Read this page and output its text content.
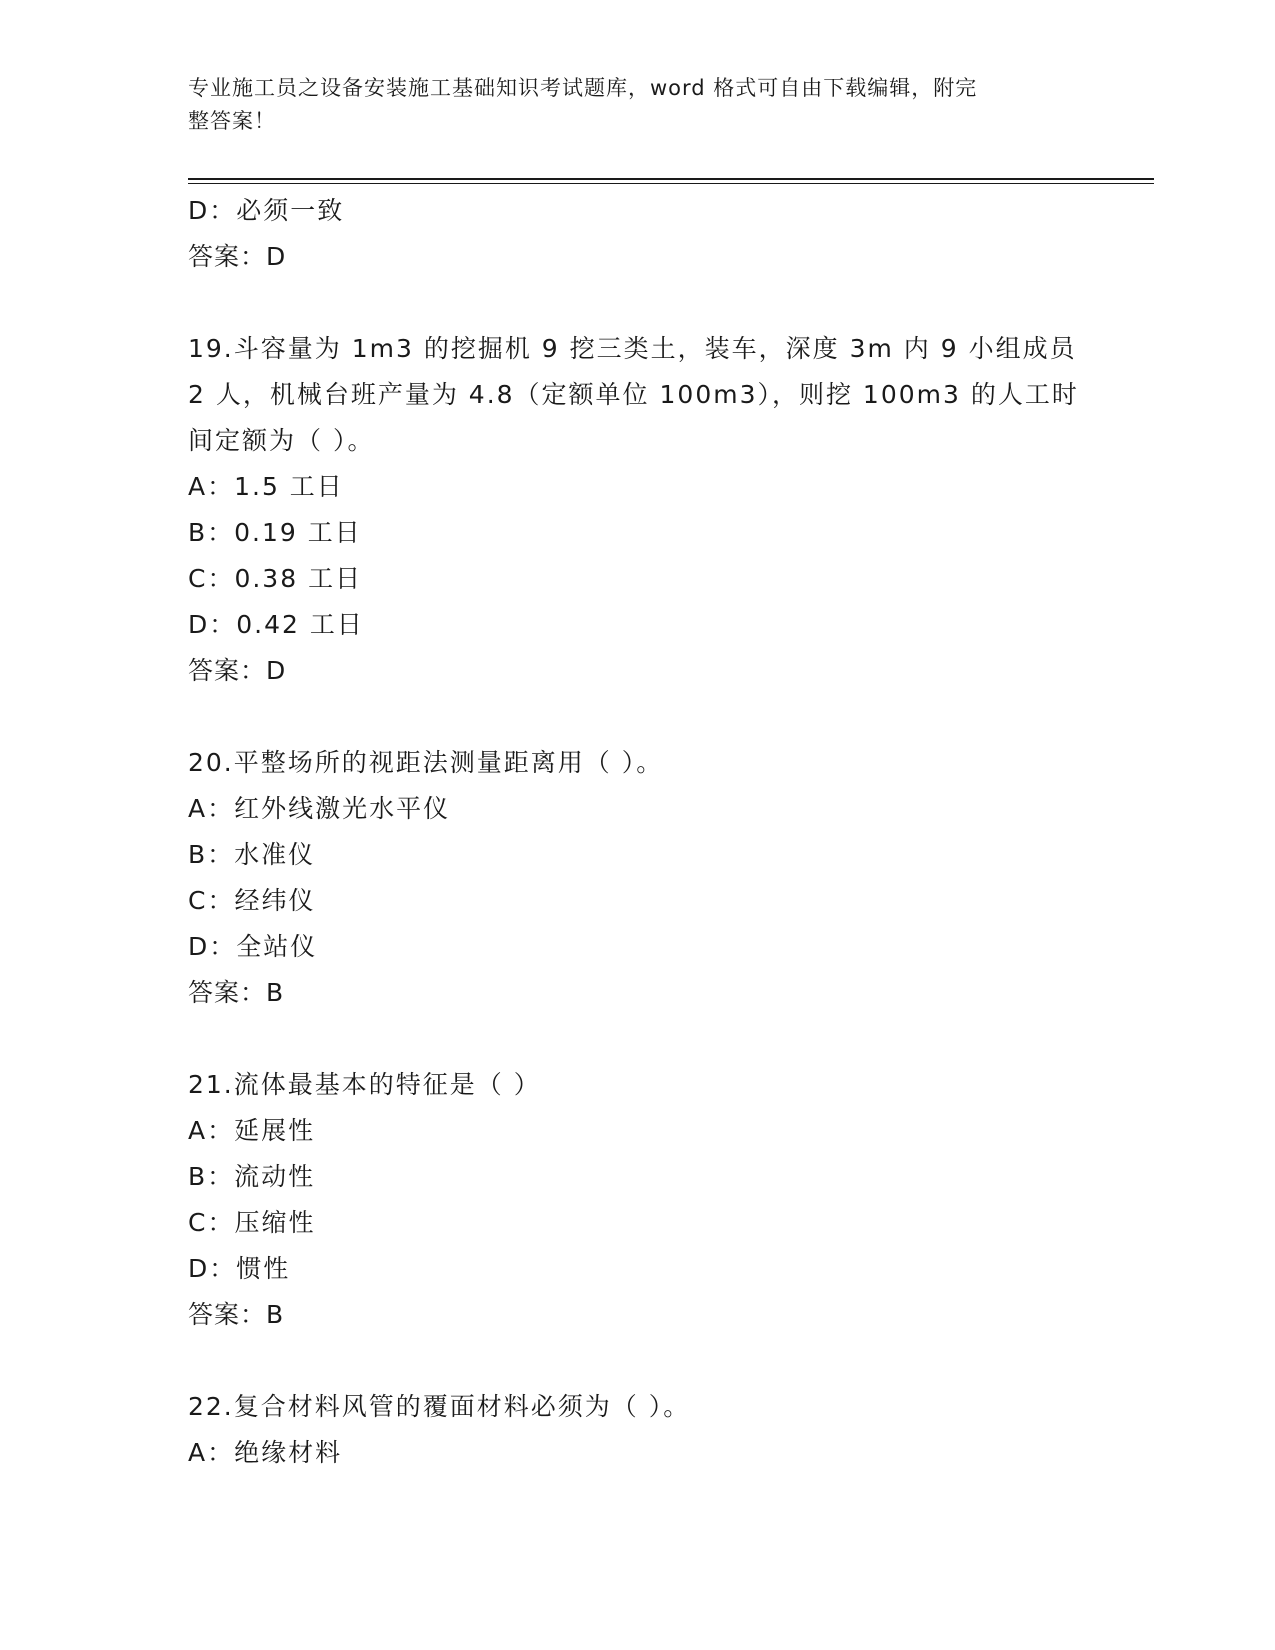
专业施工员之设备安装施工基础知识考试题库，word 格式可自由下载编辑，附完
整答案！
D：必须一致
答案：D
19.斗容量为 1m3 的挖掘机 9 挖三类土，装车，深度 3m 内 9 小组成员
2 人，机械台班产量为 4.8（定额单位 100m3），则挖 100m3 的人工时
间定额为（ ）。
A：1.5 工日
B：0.19 工日
C：0.38 工日
D：0.42 工日
答案：D
20.平整场所的视距法测量距离用（ ）。
A：红外线激光水平仪
B：水准仪
C：经纬仪
D：全站仪
答案：B
21.流体最基本的特征是（ ）
A：延展性
B：流动性
C：压缩性
D：惯性
答案：B
22.复合材料风管的覆面材料必须为（ ）。
A：绝缘材料
